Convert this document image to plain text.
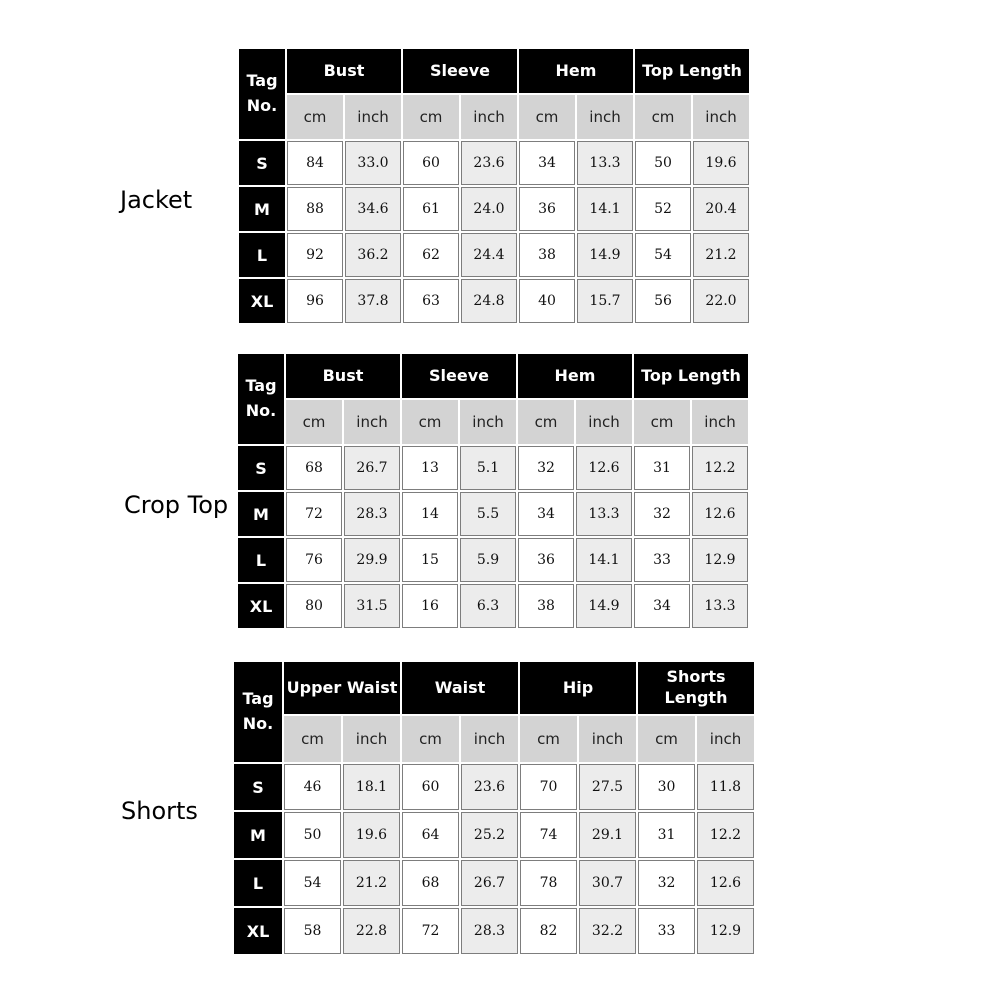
Jacket
Tag
No.	Bust		Sleeve		Hem		Top Length	
	cm	inch	cm	inch	cm	inch	cm	inch
S	84	33.0	60	23.6	34	13.3	50	19.6
M	88	34.6	61	24.0	36	14.1	52	20.4
L	92	36.2	62	24.4	38	14.9	54	21.2
XL	96	37.8	63	24.8	40	15.7	56	22.0
Crop Top
Tag
No.	Bust		Sleeve		Hem		Top Length	
	cm	inch	cm	inch	cm	inch	cm	inch
S	68	26.7	13	5.1	32	12.6	31	12.2
M	72	28.3	14	5.5	34	13.3	32	12.6
L	76	29.9	15	5.9	36	14.1	33	12.9
XL	80	31.5	16	6.3	38	14.9	34	13.3
Shorts
Tag
No.	Upper Waist		Waist		Hip		Shorts Length	
	cm	inch	cm	inch	cm	inch	cm	inch
S	46	18.1	60	23.6	70	27.5	30	11.8
M	50	19.6	64	25.2	74	29.1	31	12.2
L	54	21.2	68	26.7	78	30.7	32	12.6
XL	58	22.8	72	28.3	82	32.2	33	12.9
